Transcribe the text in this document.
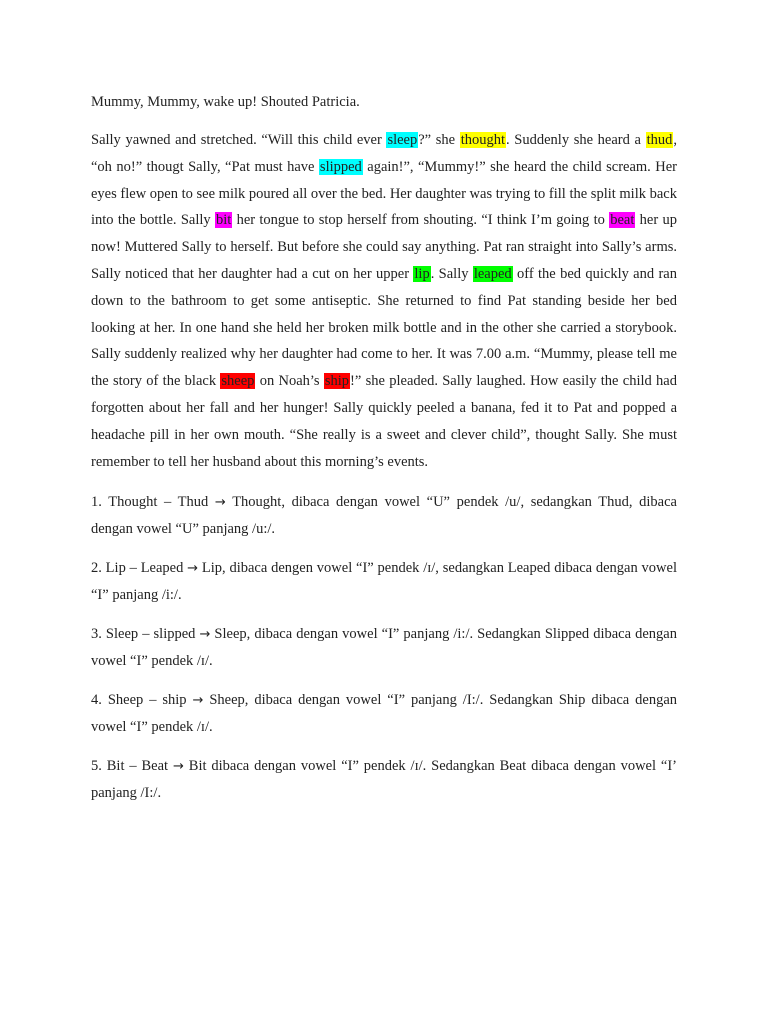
Mummy, Mummy, wake up! Shouted Patricia.

Sally yawned and stretched. “Will this child ever sleep?” she thought. Suddenly she heard a thud, “oh no!” thougt Sally, “Pat must have slipped again!”, “Mummy!” she heard the child scream. Her eyes flew open to see milk poured all over the bed. Her daughter was trying to fill the split milk back into the bottle. Sally bit her tongue to stop herself from shouting. “I think I’m going to beat her up now! Muttered Sally to herself. But before she could say anything. Pat ran straight into Sally’s arms. Sally noticed that her daughter had a cut on her upper lip. Sally leaped off the bed quickly and ran down to the bathroom to get some antiseptic. She returned to find Pat standing beside her bed looking at her. In one hand she held her broken milk bottle and in the other she carried a storybook. Sally suddenly realized why her daughter had come to her. It was 7.00 a.m. “Mummy, please tell me the story of the black sheep on Noah’s ship!” she pleaded. Sally laughed. How easily the child had forgotten about her fall and her hunger! Sally quickly peeled a banana, fed it to Pat and popped a headache pill in her own mouth. “She really is a sweet and clever child”, thought Sally. She must remember to tell her husband about this morning’s events.

1. Thought – Thud → Thought, dibaca dengan vowel “U” pendek /u/, sedangkan Thud, dibaca dengan vowel “U” panjang /u:/.

2. Lip – Leaped → Lip, dibaca dengen vowel “I” pendek /ɪ/, sedangkan Leaped dibaca dengan vowel “I” panjang /i:/.

3. Sleep – slipped → Sleep, dibaca dengan vowel “I” panjang /i:/. Sedangkan Slipped dibaca dengan vowel “I” pendek /ɪ/.

4. Sheep – ship → Sheep, dibaca dengan vowel “I” panjang /I:/. Sedangkan Ship dibaca dengan vowel “I” pendek /ɪ/.

5. Bit – Beat → Bit dibaca dengan vowel “I” pendek /ɪ/. Sedangkan Beat dibaca dengan vowel “I’ panjang /I:/.
